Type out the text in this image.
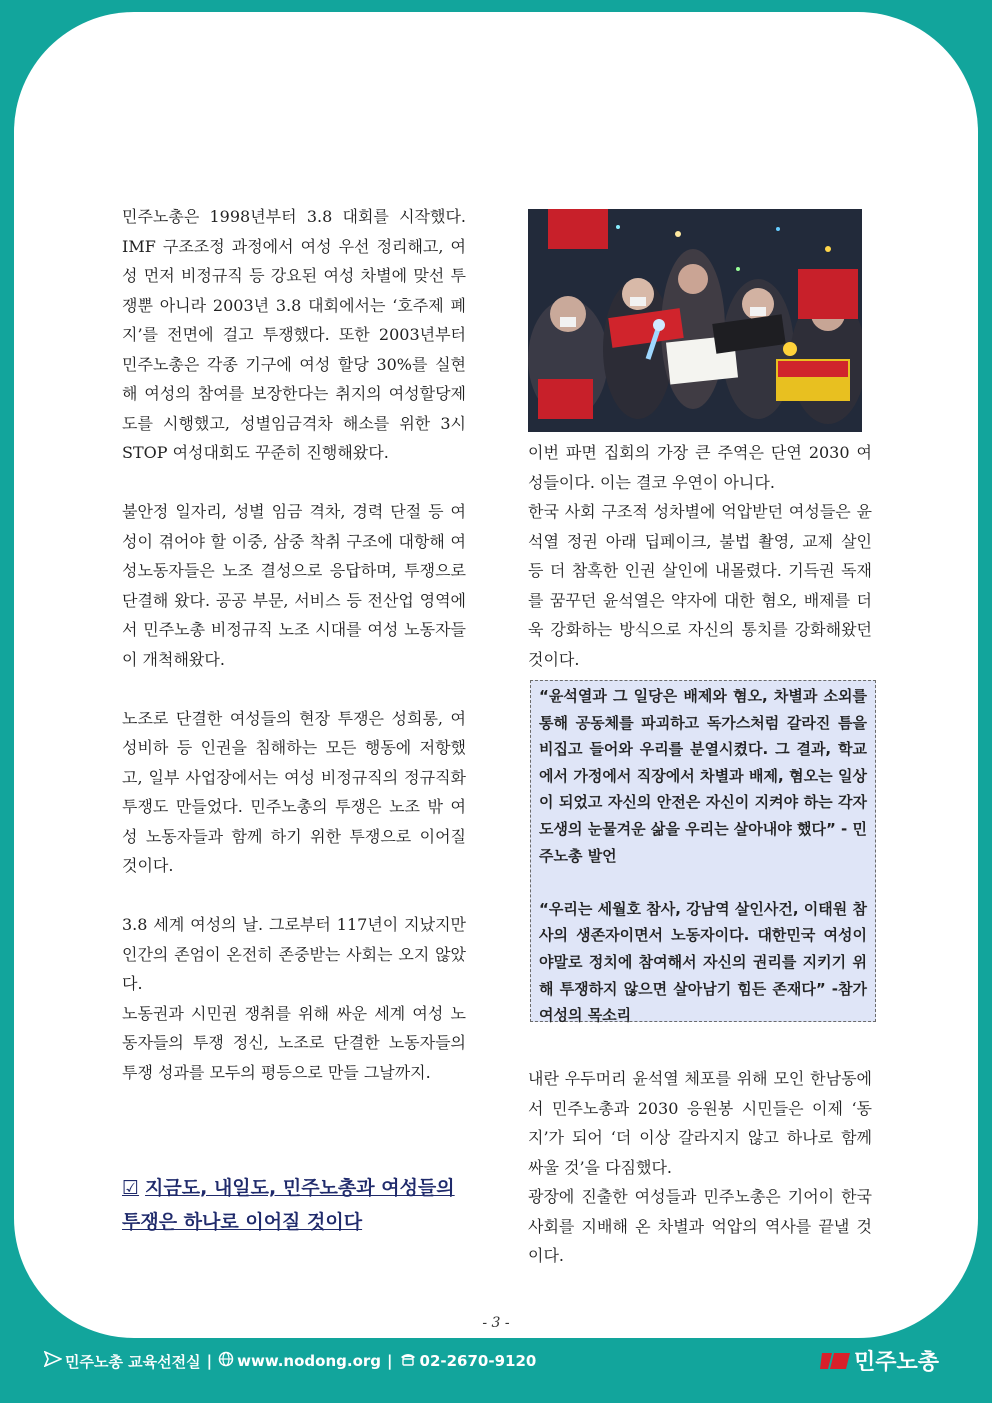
민주노총은 1998년부터 3.8 대회를 시작했다. IMF 구조조정 과정에서 여성 우선 정리해고, 여성 먼저 비정규직 등 강요된 여성 차별에 맞선 투쟁뿐 아니라 2003년 3.8 대회에서는 ‘호주제 폐지’를 전면에 걸고 투쟁했다. 또한 2003년부터 민주노총은 각종 기구에 여성 할당 30%를 실현해 여성의 참여를 보장한다는 취지의 여성할당제도를 시행했고, 성별임금격차 해소를 위한 3시 STOP 여성대회도 꾸준히 진행해왔다.

불안정 일자리, 성별 임금 격차, 경력 단절 등 여성이 겪어야 할 이중, 삼중 착취 구조에 대항해 여성노동자들은 노조 결성으로 응답하며, 투쟁으로 단결해 왔다. 공공 부문, 서비스 등 전산업 영역에서 민주노총 비정규직 노조 시대를 여성 노동자들이 개척해왔다.

노조로 단결한 여성들의 현장 투쟁은 성희롱, 여성비하 등 인권을 침해하는 모든 행동에 저항했고, 일부 사업장에서는 여성 비정규직의 정규직화 투쟁도 만들었다. 민주노총의 투쟁은 노조 밖 여성 노동자들과 함께 하기 위한 투쟁으로 이어질 것이다.

3.8 세계 여성의 날. 그로부터 117년이 지났지만 인간의 존엄이 온전히 존중받는 사회는 오지 않았다.

노동권과 시민권 쟁취를 위해 싸운 세계 여성 노동자들의 투쟁 정신, 노조로 단결한 노동자들의 투쟁 성과를 모두의 평등으로 만들 그날까지.

☑ 지금도, 내일도, 민주노총과 여성들의 투쟁은 하나로 이어질 것이다

이번 파면 집회의 가장 큰 주역은 단연 2030 여성들이다. 이는 결코 우연이 아니다.

한국 사회 구조적 성차별에 억압받던 여성들은 윤석열 정권 아래 딥페이크, 불법 촬영, 교제 살인 등 더 참혹한 인권 살인에 내몰렸다. 기득권 독재를 꿈꾸던 윤석열은 약자에 대한 혐오, 배제를 더욱 강화하는 방식으로 자신의 통치를 강화해왔던 것이다.

“윤석열과 그 일당은 배제와 혐오, 차별과 소외를 통해 공동체를 파괴하고 독가스처럼 갈라진 틈을 비집고 들어와 우리를 분열시켰다. 그 결과, 학교에서 가정에서 직장에서 차별과 배제, 혐오는 일상이 되었고 자신의 안전은 자신이 지켜야 하는 각자도생의 눈물겨운 삶을 우리는 살아내야 했다” - 민주노총 발언

“우리는 세월호 참사, 강남역 살인사건, 이태원 참사의 생존자이면서 노동자이다. 대한민국 여성이야말로 정치에 참여해서 자신의 권리를 지키기 위해 투쟁하지 않으면 살아남기 힘든 존재다” -참가 여성의 목소리

내란 우두머리 윤석열 체포를 위해 모인 한남동에서 민주노총과 2030 응원봉 시민들은 이제 ‘동지’가 되어 ‘더 이상 갈라지지 않고 하나로 함께 싸울 것’을 다짐했다.

광장에 진출한 여성들과 민주노총은 기어이 한국 사회를 지배해 온 차별과 억압의 역사를 끝낼 것이다.

- 3 -
민주노총 교육선전실 | www.nodong.org | 02-2670-9120	민주노총
